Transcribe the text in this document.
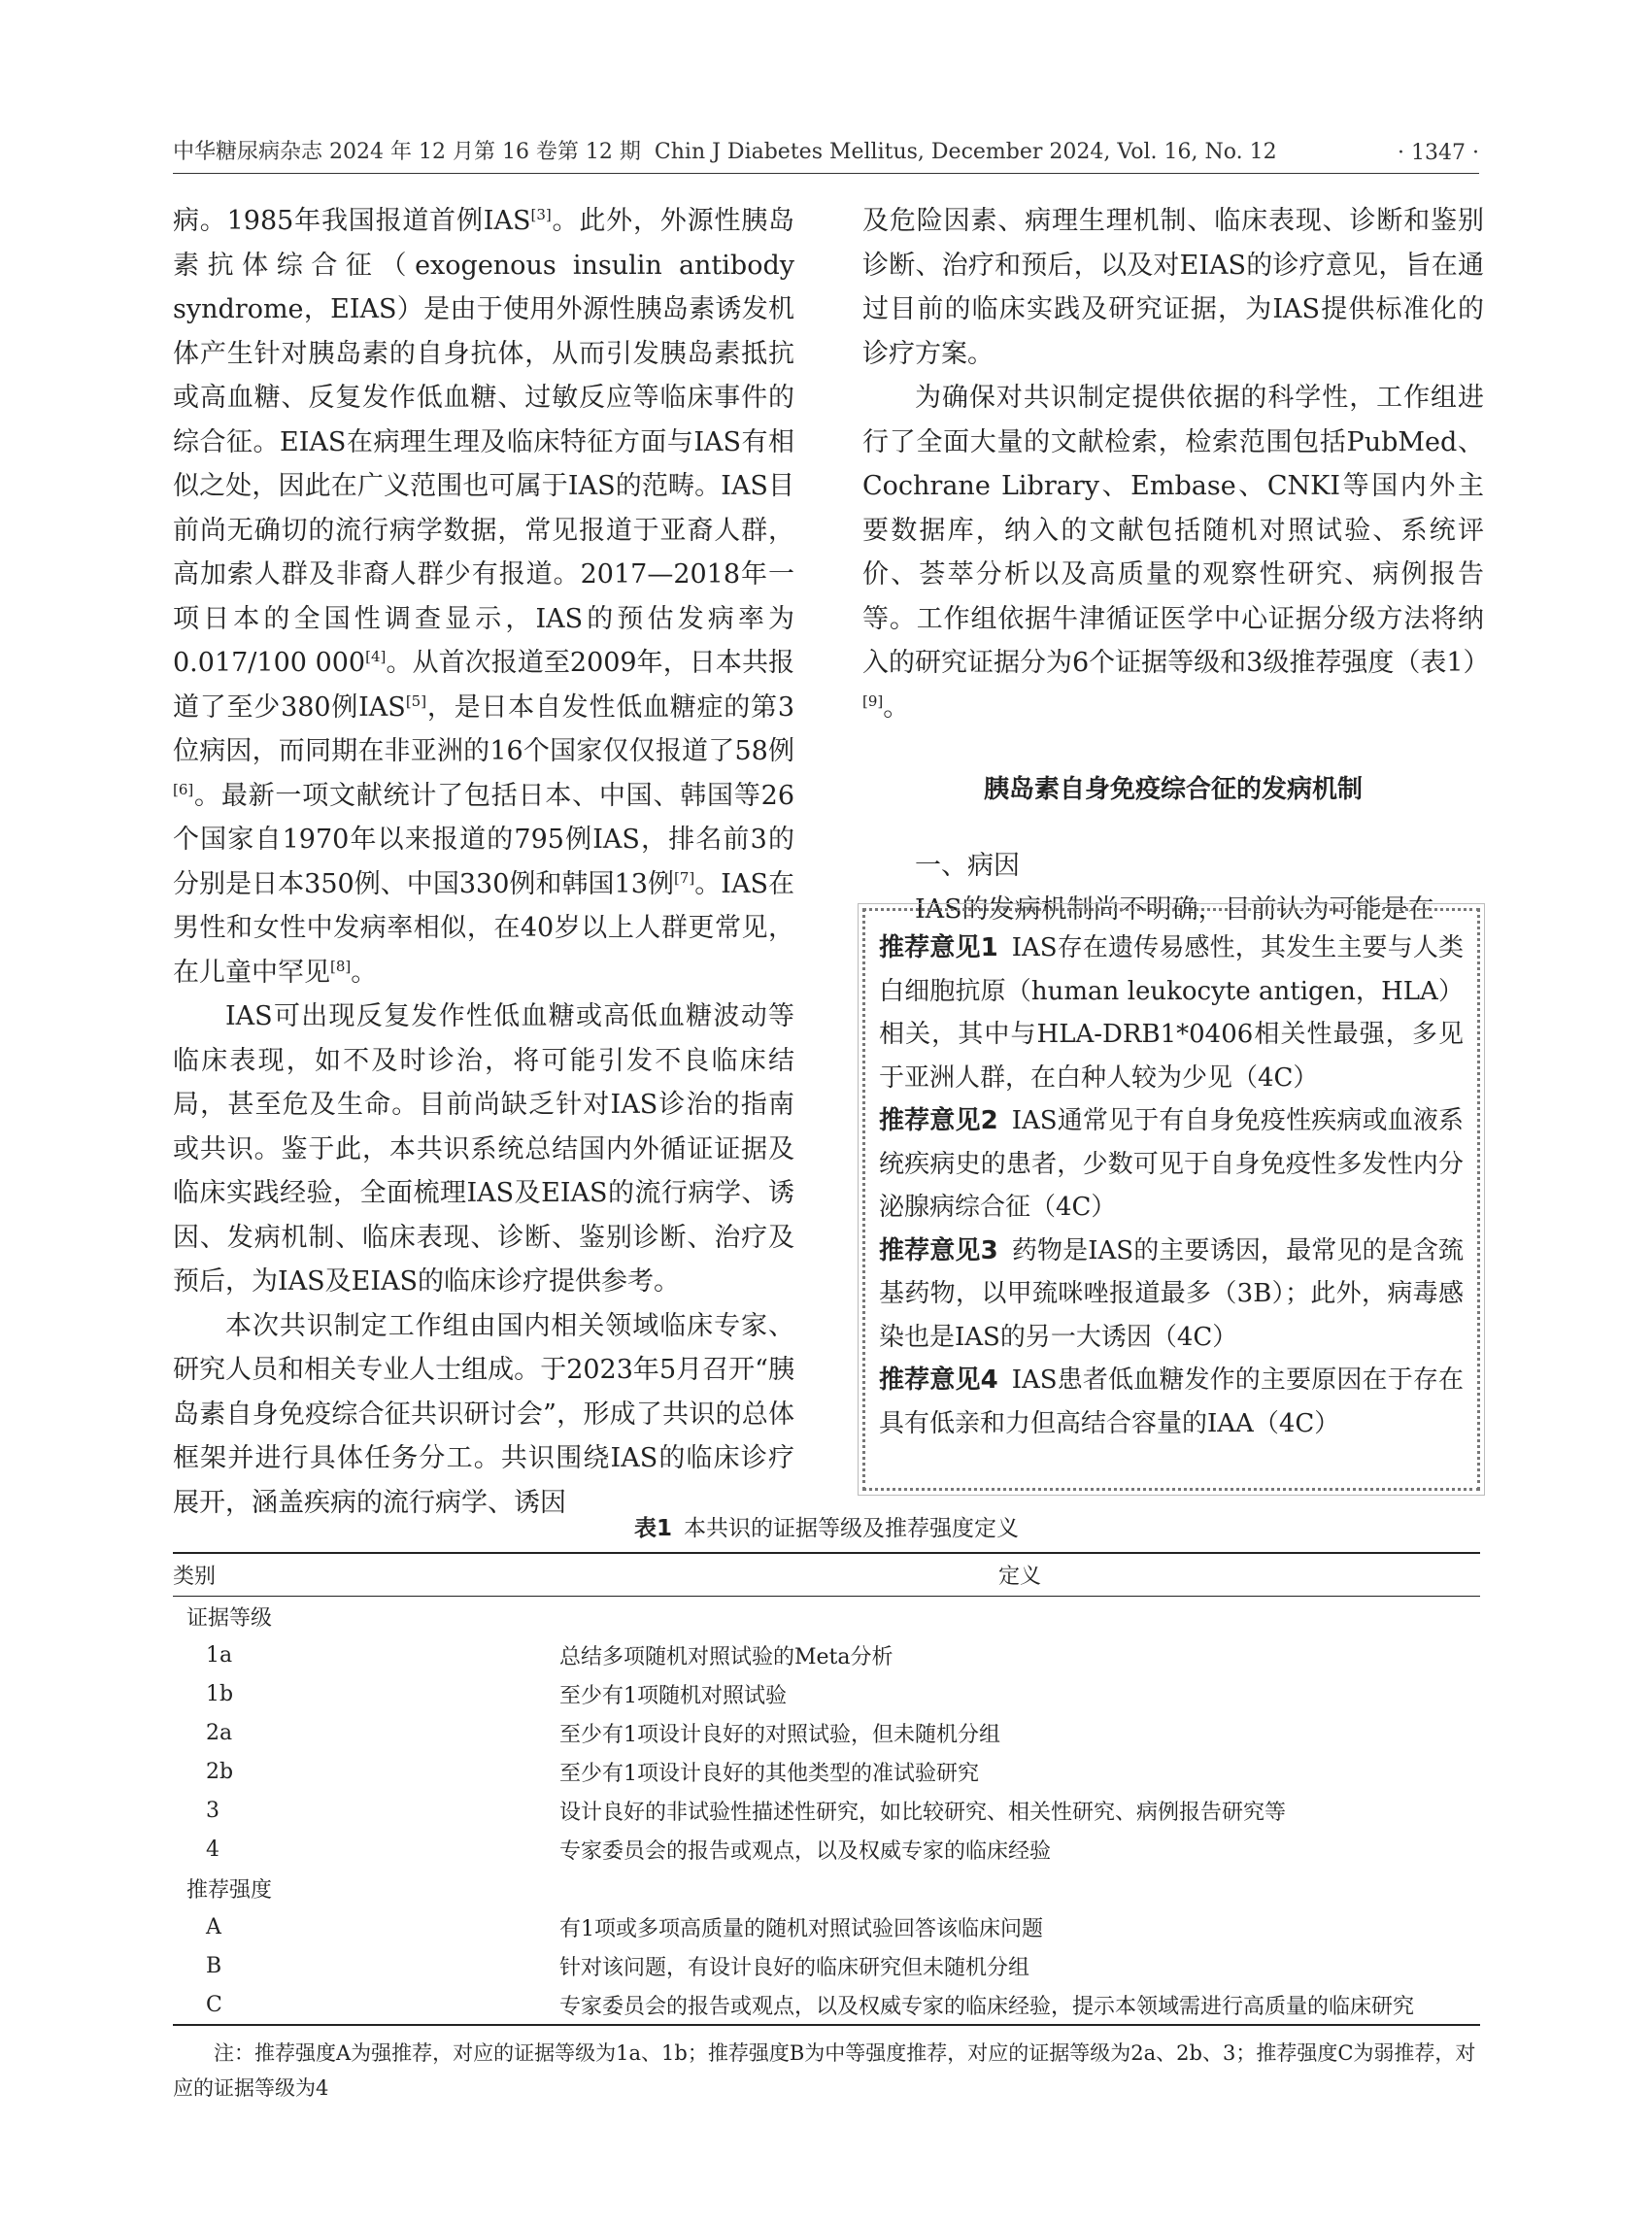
中华糖尿病杂志 2024 年 12 月第 16 卷第 12 期 Chin J Diabetes Mellitus, December 2024, Vol. 16, No. 12	· 1347 ·

病。1985年我国报道首例IAS[3]。此外，外源性胰岛素抗体综合征（exogenous insulin antibody syndrome，EIAS）是由于使用外源性胰岛素诱发机体产生针对胰岛素的自身抗体，从而引发胰岛素抵抗或高血糖、反复发作低血糖、过敏反应等临床事件的综合征。EIAS在病理生理及临床特征方面与IAS有相似之处，因此在广义范围也可属于IAS的范畴。IAS目前尚无确切的流行病学数据，常见报道于亚裔人群，高加索人群及非裔人群少有报道。2017—2018年一项日本的全国性调查显示，IAS的预估发病率为0.017/100 000[4]。从首次报道至2009年，日本共报道了至少380例IAS[5]，是日本自发性低血糖症的第3位病因，而同期在非亚洲的16个国家仅仅报道了58例[6]。最新一项文献统计了包括日本、中国、韩国等26个国家自1970年以来报道的795例IAS，排名前3的分别是日本350例、中国330例和韩国13例[7]。IAS在男性和女性中发病率相似，在40岁以上人群更常见，在儿童中罕见[8]。

IAS可出现反复发作性低血糖或高低血糖波动等临床表现，如不及时诊治，将可能引发不良临床结局，甚至危及生命。目前尚缺乏针对IAS诊治的指南或共识。鉴于此，本共识系统总结国内外循证证据及临床实践经验，全面梳理IAS及EIAS的流行病学、诱因、发病机制、临床表现、诊断、鉴别诊断、治疗及预后，为IAS及EIAS的临床诊疗提供参考。

本次共识制定工作组由国内相关领域临床专家、研究人员和相关专业人士组成。于2023年5月召开“胰岛素自身免疫综合征共识研讨会”，形成了共识的总体框架并进行具体任务分工。共识围绕IAS的临床诊疗展开，涵盖疾病的流行病学、诱因

及危险因素、病理生理机制、临床表现、诊断和鉴别诊断、治疗和预后，以及对EIAS的诊疗意见，旨在通过目前的临床实践及研究证据，为IAS提供标准化的诊疗方案。

为确保对共识制定提供依据的科学性，工作组进行了全面大量的文献检索，检索范围包括PubMed、Cochrane Library、Embase、CNKI等国内外主要数据库，纳入的文献包括随机对照试验、系统评价、荟萃分析以及高质量的观察性研究、病例报告等。工作组依据牛津循证医学中心证据分级方法将纳入的研究证据分为6个证据等级和3级推荐强度（表1）[9]。

胰岛素自身免疫综合征的发病机制

一、病因

IAS的发病机制尚不明确，目前认为可能是在

推荐意见1 IAS存在遗传易感性，其发生主要与人类白细胞抗原（human leukocyte antigen，HLA）相关，其中与HLA-DRB1*0406相关性最强，多见于亚洲人群，在白种人较为少见（4C）

推荐意见2 IAS通常见于有自身免疫性疾病或血液系统疾病史的患者，少数可见于自身免疫性多发性内分泌腺病综合征（4C）

推荐意见3 药物是IAS的主要诱因，最常见的是含巯基药物，以甲巯咪唑报道最多（3B）；此外，病毒感染也是IAS的另一大诱因（4C）

推荐意见4 IAS患者低血糖发作的主要原因在于存在具有低亲和力但高结合容量的IAA（4C）

表1 本共识的证据等级及推荐强度定义
类别	定义
证据等级	
1a	总结多项随机对照试验的Meta分析
1b	至少有1项随机对照试验
2a	至少有1项设计良好的对照试验，但未随机分组
2b	至少有1项设计良好的其他类型的准试验研究
3	设计良好的非试验性描述性研究，如比较研究、相关性研究、病例报告研究等
4	专家委员会的报告或观点，以及权威专家的临床经验
推荐强度	
A	有1项或多项高质量的随机对照试验回答该临床问题
B	针对该问题，有设计良好的临床研究但未随机分组
C	专家委员会的报告或观点，以及权威专家的临床经验，提示本领域需进行高质量的临床研究
注：推荐强度A为强推荐，对应的证据等级为1a、1b；推荐强度B为中等强度推荐，对应的证据等级为2a、2b、3；推荐强度C为弱推荐，对应的证据等级为4
